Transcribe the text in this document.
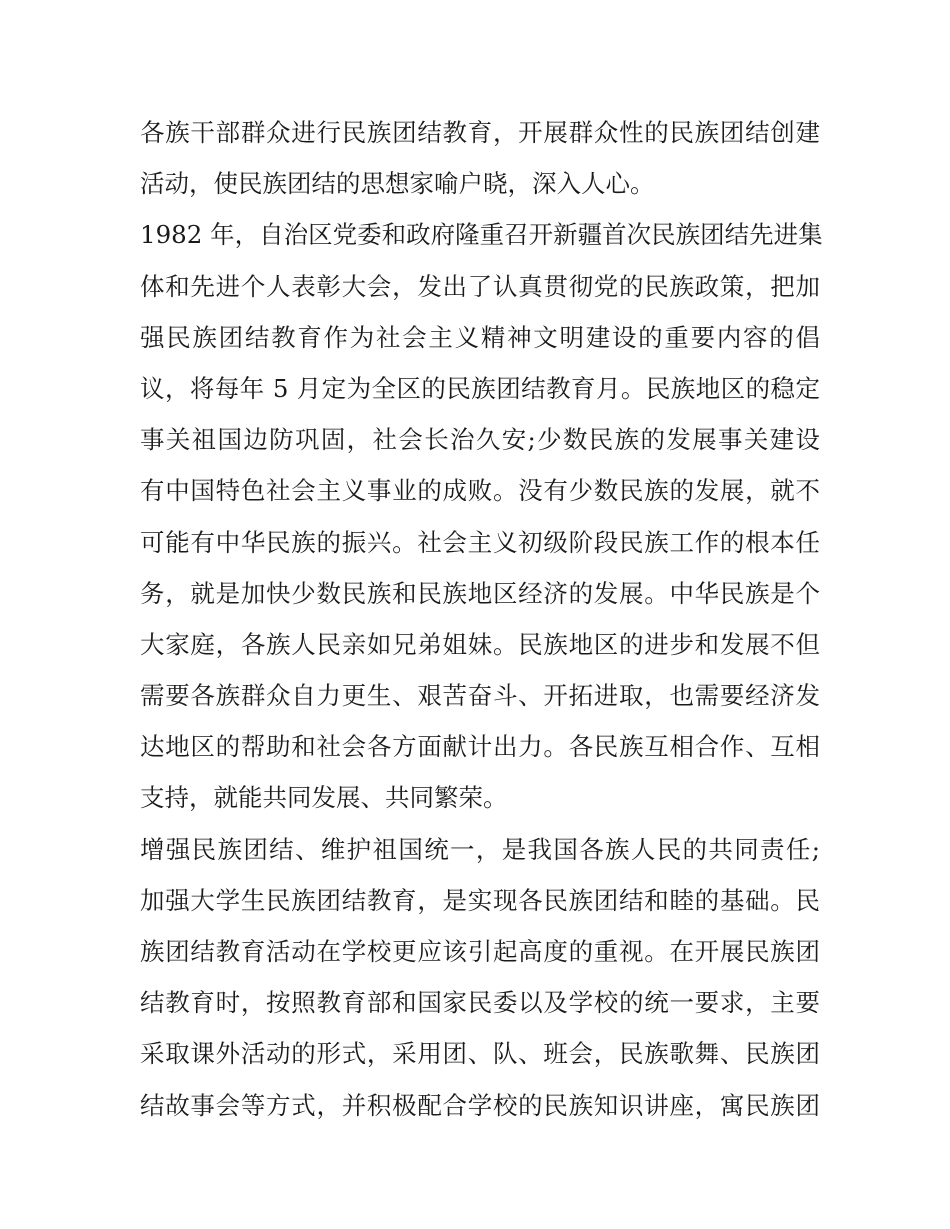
各族干部群众进行民族团结教育，开展群众性的民族团结创建
活动，使民族团结的思想家喻户晓，深入人心。
1982 年，自治区党委和政府隆重召开新疆首次民族团结先进集
体和先进个人表彰大会，发出了认真贯彻党的民族政策，把加
强民族团结教育作为社会主义精神文明建设的重要内容的倡
议，将每年 5 月定为全区的民族团结教育月。民族地区的稳定
事关祖国边防巩固，社会长治久安;少数民族的发展事关建设
有中国特色社会主义事业的成败。没有少数民族的发展，就不
可能有中华民族的振兴。社会主义初级阶段民族工作的根本任
务，就是加快少数民族和民族地区经济的发展。中华民族是个
大家庭，各族人民亲如兄弟姐妹。民族地区的进步和发展不但
需要各族群众自力更生、艰苦奋斗、开拓进取，也需要经济发
达地区的帮助和社会各方面献计出力。各民族互相合作、互相
支持，就能共同发展、共同繁荣。
增强民族团结、维护祖国统一，是我国各族人民的共同责任;
加强大学生民族团结教育，是实现各民族团结和睦的基础。民
族团结教育活动在学校更应该引起高度的重视。在开展民族团
结教育时，按照教育部和国家民委以及学校的统一要求，主要
采取课外活动的形式，采用团、队、班会，民族歌舞、民族团
结故事会等方式，并积极配合学校的民族知识讲座，寓民族团
